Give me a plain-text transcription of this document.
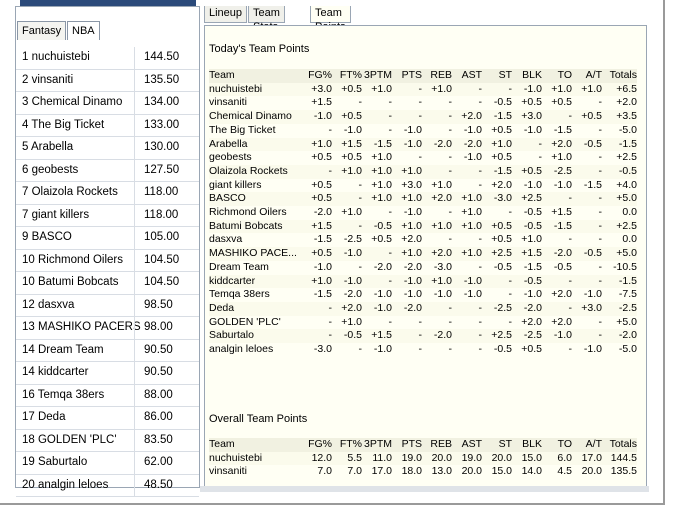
Fantasy NBA
1 nuchuistebi	144.50
2 vinsaniti	135.50
3 Chemical Dinamo 134.00
4 The Big Ticket	133.00
5 Arabella	130.00
6 geobests	127.50
7 Olaizola Rockets 118.00
7 giant killers	118.00
9 BASCO	105.00
10 Richmond Oilers 104.50
10 Batumi Bobcats 104.50
12 dasxva	98.50
13 MASHIKO PACERS 98.00
14 Dream Team	90.50
14 kiddcarter	90.50
16 Temqa 38ers	88.00
17 Deda	86.00
18 GOLDEN 'PLC' 83.50
19 Saburtalo	62.00
20 analgin leloes	48.50
Lineup Team	Team
Today's Team Points
Team	FG%	FT%	3PTM	PTS	REB	AST	ST	BLK	TO	A/T	Totals
nuchuistebi	+3.0	+0.5	+1.0	-	+1.0	-	-	-1.0	+1.0	+1.0	+6.5
vinsaniti	+1.5	-	-	-	-	-	-0.5	+0.5	+0.5	-	+2.0
Chemical Dinamo	-1.0	+0.5	-	-	-	+2.0	-1.5	+3.0	-	+0.5	+3.5
The Big Ticket	-	-1.0	-	-1.0	-	-1.0	+0.5	-1.0	-1.5	-	-5.0
Arabella	+1.0	+1.5	-1.5	-1.0	-2.0	-2.0	+1.0	-	+2.0	-0.5	-1.5
geobests	+0.5	+0.5	+1.0	-	-	-1.0	+0.5	-	+1.0	-	+2.5
Olaizola Rockets	-	+1.0	+1.0	+1.0	-	-	-1.5	+0.5	-2.5	-	-0.5
giant killers	+0.5	-	+1.0	+3.0	+1.0	-	+2.0	-1.0	-1.0	-1.5	+4.0
BASCO	+0.5	-	+1.0	+1.0	+2.0	+1.0	-3.0	+2.5	-	-	+5.0
Richmond Oilers	-2.0	+1.0	-	-1.0	-	+1.0	-	-0.5	+1.5	-	0.0
Batumi Bobcats	+1.5	-	-0.5	+1.0	+1.0	+1.0	+0.5	-0.5	-1.5	-	+2.5
dasxva	-1.5	-2.5	+0.5	+2.0	-	-	+0.5	+1.0	-	-	0.0
MASHIKO PACE...	+0.5	-1.0	-	+1.0	+2.0	+1.0	+2.5	+1.5	-2.0	-0.5	+5.0
Dream Team	-1.0	-	-2.0	-2.0	-3.0	-	-0.5	-1.5	-0.5	-	-10.5
kiddcarter	+1.0	-1.0	-	-1.0	+1.0	-1.0	-	-0.5	-	-	-1.5
Temqa 38ers	-1.5	-2.0	-1.0	-1.0	-1.0	-1.0	-	-1.0	+2.0	-1.0	-7.5
Deda	-	+2.0	-1.0	-2.0	-	-	-2.5	-2.0	-	+3.0	-2.5
GOLDEN 'PLC'	-	+1.0	-	-	-	-	-	+2.0	+2.0	-	+5.0
Saburtalo	-	-0.5	+1.5	-	-2.0	-	+2.5	-2.5	-1.0	-	-2.0
analgin leloes	-3.0	-	-1.0	-	-	-	-0.5	+0.5	-	-1.0	-5.0
Overall Team Points
Team	FG%	FT%	3PTM	PTS	REB	AST	ST	BLK	TO	A/T	Totals
nuchuistebi	12.0	5.5	11.0	19.0	20.0	19.0	20.0	15.0	6.0	17.0	144.5
vinsaniti	7.0	7.0	17.0	18.0	13.0	20.0	15.0	14.0	4.5	20.0	135.5
